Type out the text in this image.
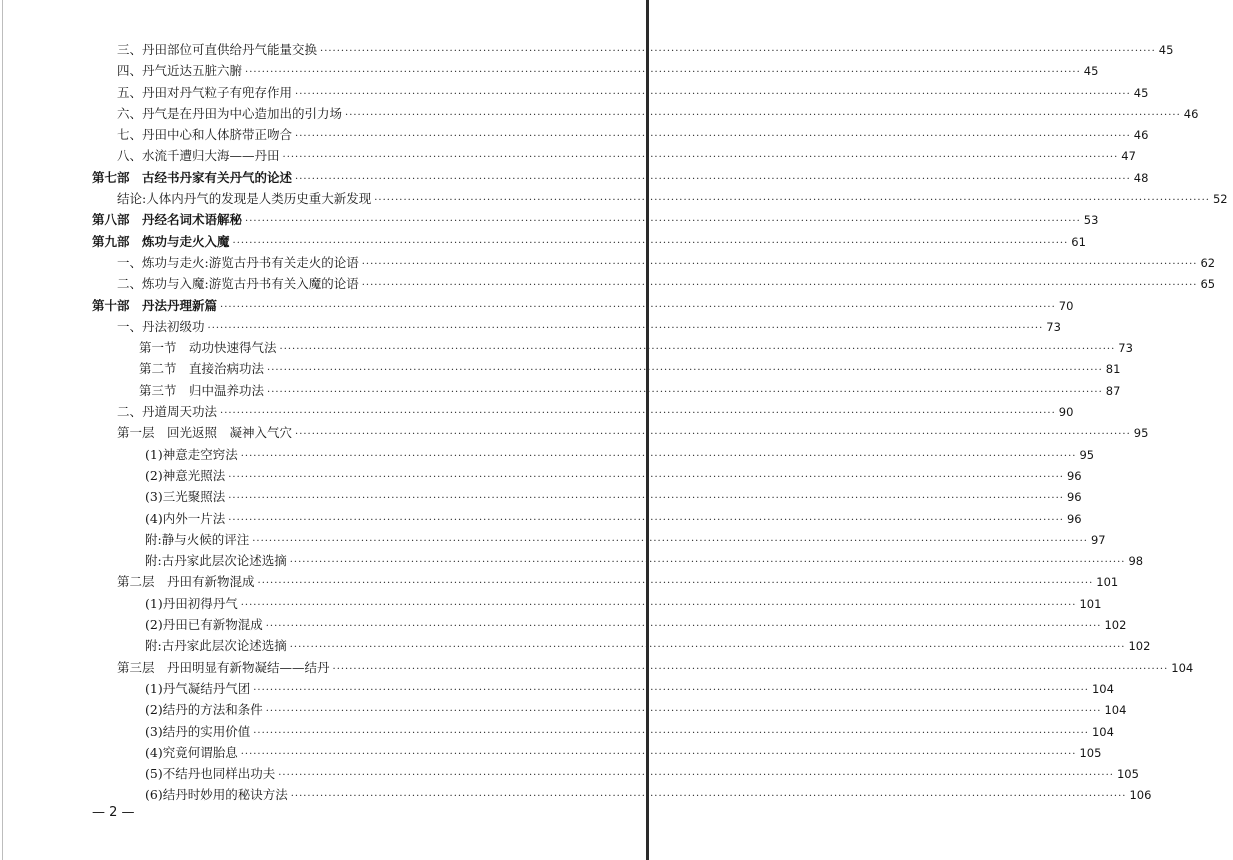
三、丹田部位可直供给丹气能量交换 ········································································································································································································ 45
四、丹气近达五脏六腑 ········································································································································································································ 45
五、丹田对丹气粒子有兜存作用 ········································································································································································································ 45
六、丹气是在丹田为中心造加出的引力场 ········································································································································································································ 46
七、丹田中心和人体脐带正吻合 ········································································································································································································ 46
八、水流千遭归大海——丹田 ········································································································································································································ 47
第七部　古经书丹家有关丹气的论述 ········································································································································································································ 48
结论:人体内丹气的发现是人类历史重大新发现 ········································································································································································································ 52
第八部　丹经名词术语解秘 ········································································································································································································ 53
第九部　炼功与走火入魔 ········································································································································································································ 61
一、炼功与走火:游览古丹书有关走火的论语 ········································································································································································································ 62
二、炼功与入魔:游览古丹书有关入魔的论语 ········································································································································································································ 65
第十部　丹法丹理新篇 ········································································································································································································ 70
一、丹法初级功 ········································································································································································································ 73
第一节　动功快速得气法 ········································································································································································································ 73
第二节　直接治病功法 ········································································································································································································ 81
第三节　归中温养功法 ········································································································································································································ 87
二、丹道周天功法 ········································································································································································································ 90
第一层　回光返照　凝神入气穴 ········································································································································································································ 95
(1)神意走空窍法 ········································································································································································································ 95
(2)神意光照法 ········································································································································································································ 96
(3)三光聚照法 ········································································································································································································ 96
(4)内外一片法 ········································································································································································································ 96
附:静与火候的评注 ········································································································································································································ 97
附:古丹家此层次论述选摘 ········································································································································································································ 98
第二层　丹田有新物混成 ········································································································································································································ 101
(1)丹田初得丹气 ········································································································································································································ 101
(2)丹田已有新物混成 ········································································································································································································ 102
附:古丹家此层次论述选摘 ········································································································································································································ 102
第三层　丹田明显有新物凝结——结丹 ········································································································································································································ 104
(1)丹气凝结丹气团 ········································································································································································································ 104
(2)结丹的方法和条件 ········································································································································································································ 104
(3)结丹的实用价值 ········································································································································································································ 104
(4)究竟何谓胎息 ········································································································································································································ 105
(5)不结丹也同样出功夫 ········································································································································································································ 105
(6)结丹时妙用的秘诀方法 ········································································································································································································ 106
— 2 —
